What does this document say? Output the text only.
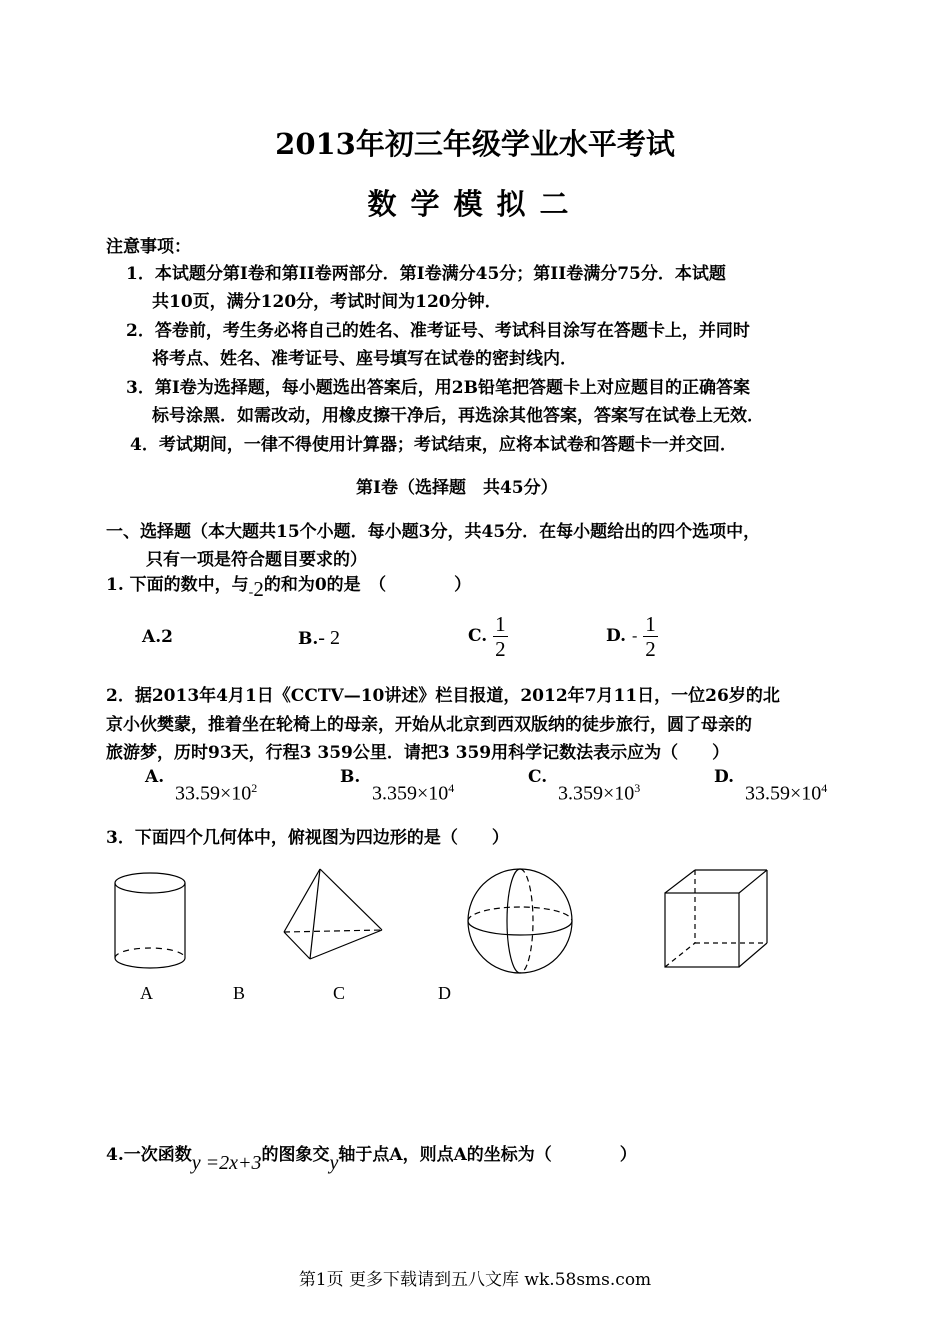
2013年初三年级学业水平考试
数学模拟二
注意事项：
1．本试题分第Ⅰ卷和第II卷两部分．第Ⅰ卷满分45分；第II卷满分75分．本试题
共10页，满分120分，考试时间为120分钟．
2．答卷前，考生务必将自己的姓名、准考证号、考试科目涂写在答题卡上，并同时
将考点、姓名、准考证号、座号填写在试卷的密封线内．
3．第Ⅰ卷为选择题，每小题选出答案后，用2B铅笔把答题卡上对应题目的正确答案
标号涂黑．如需改动，用橡皮擦干净后，再选涂其他答案，答案写在试卷上无效．
4．考试期间，一律不得使用计算器；考试结束，应将本试卷和答题卡一并交回．
第Ⅰ卷（选择题　共45分）
一、选择题（本大题共15个小题．每小题3分，共45分．在每小题给出的四个选项中，
只有一项是符合题目要求的）
1. 下面的数中，与$_-$2的和为0的是　（　　　　）
A.2	B.- 2	C. $\frac{1}{2}$	D. - $\frac{1}{2}$
2．据2013年4月1日《CCTV—10讲述》栏目报道，2012年7月11日，一位26岁的北
京小伙樊蒙，推着坐在轮椅上的母亲，开始从北京到西双版纳的徒步旅行，圆了母亲的
旅游梦，历时93天，行程3 359公里．请把3 359用科学记数法表示应为（　　）
A.
$33.59\times 10^2$
B.
$3.359\times 10^4$
C.
$3.359\times 10^3$
D.
$33.59\times 10^4$
3．下面四个几何体中，俯视图为四边形的是（　　）
A	B	C	D
4.一次函数y =2x+3的图象交y轴于点A，则点A的坐标为（　　　　）
第1页 更多下载请到五八文库 wk.58sms.com
